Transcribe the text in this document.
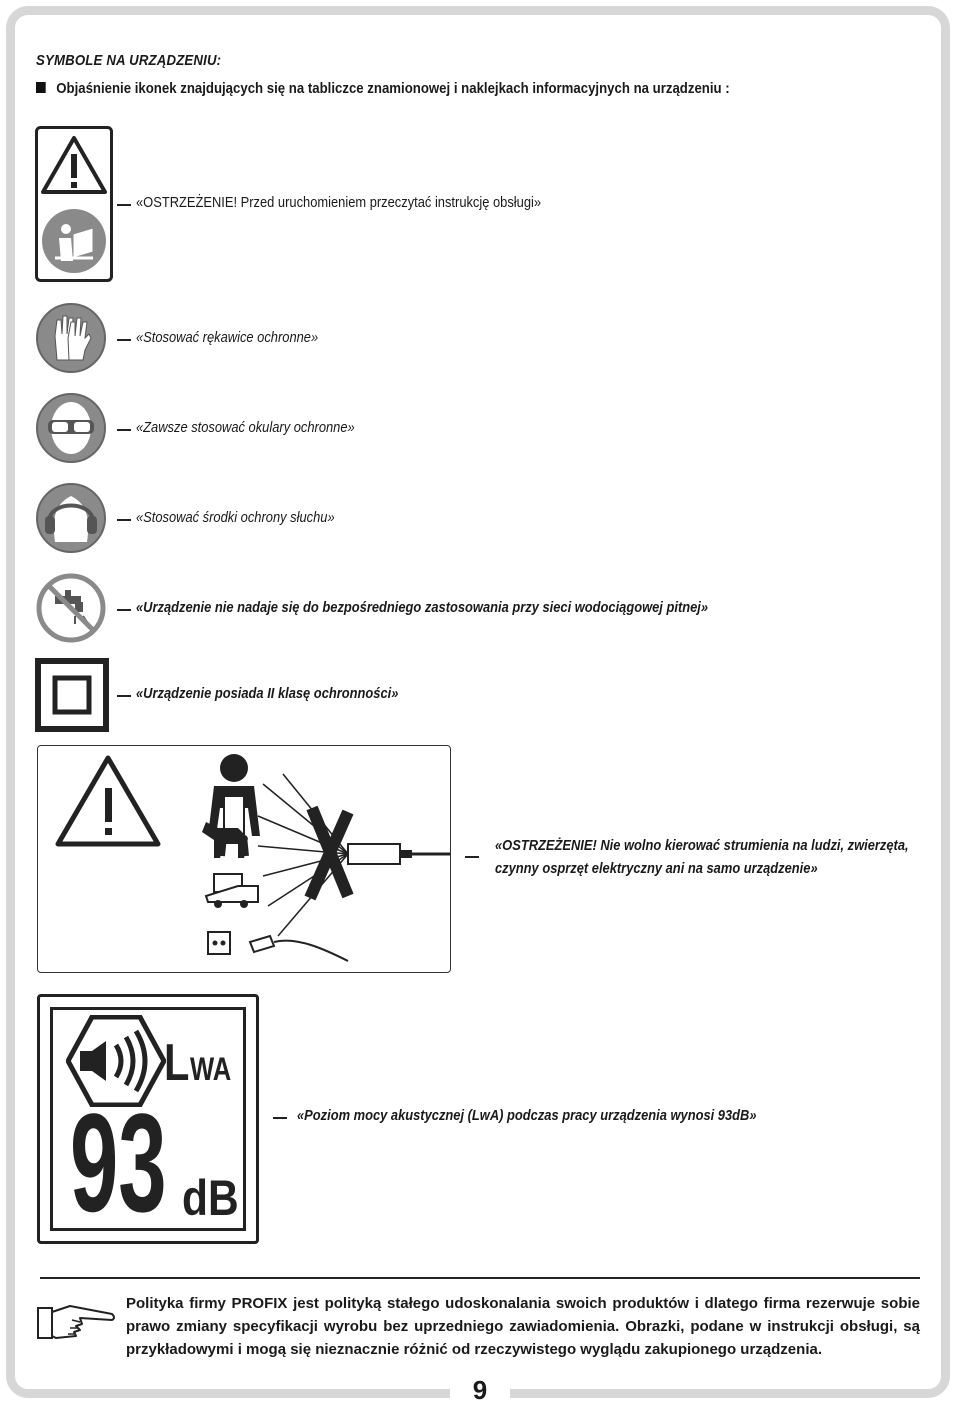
SYMBOLE NA URZĄDZENIU:
Objaśnienie ikonek znajdujących się na tabliczce znamionowej i naklejkach informacyjnych na urządzeniu :
«OSTRZEŻENIE! Przed uruchomieniem przeczytać instrukcję obsługi»
«Stosować rękawice ochronne»
«Zawsze stosować okulary ochronne»
«Stosować środki ochrony słuchu»
«Urządzenie nie nadaje się do bezpośredniego zastosowania przy sieci wodociągowej pitnej»
«Urządzenie posiada II klasę ochronności»
«OSTRZEŻENIE! Nie wolno kierować strumienia na ludzi, zwierzęta,
czynny osprzęt elektryczny ani na samo urządzenie»
LWA
93 dB
«Poziom mocy akustycznej (LwA) podczas pracy urządzenia wynosi 93dB»
Polityka firmy PROFIX jest polityką stałego udoskonalania swoich produktów i dlatego firma rezerwuje sobie prawo zmiany specyfikacji wyrobu bez uprzedniego zawiadomienia. Obrazki, podane w instrukcji obsługi, są przykładowymi i mogą się nieznacznie różnić od rzeczywistego wyglądu zakupionego urządzenia.
9
